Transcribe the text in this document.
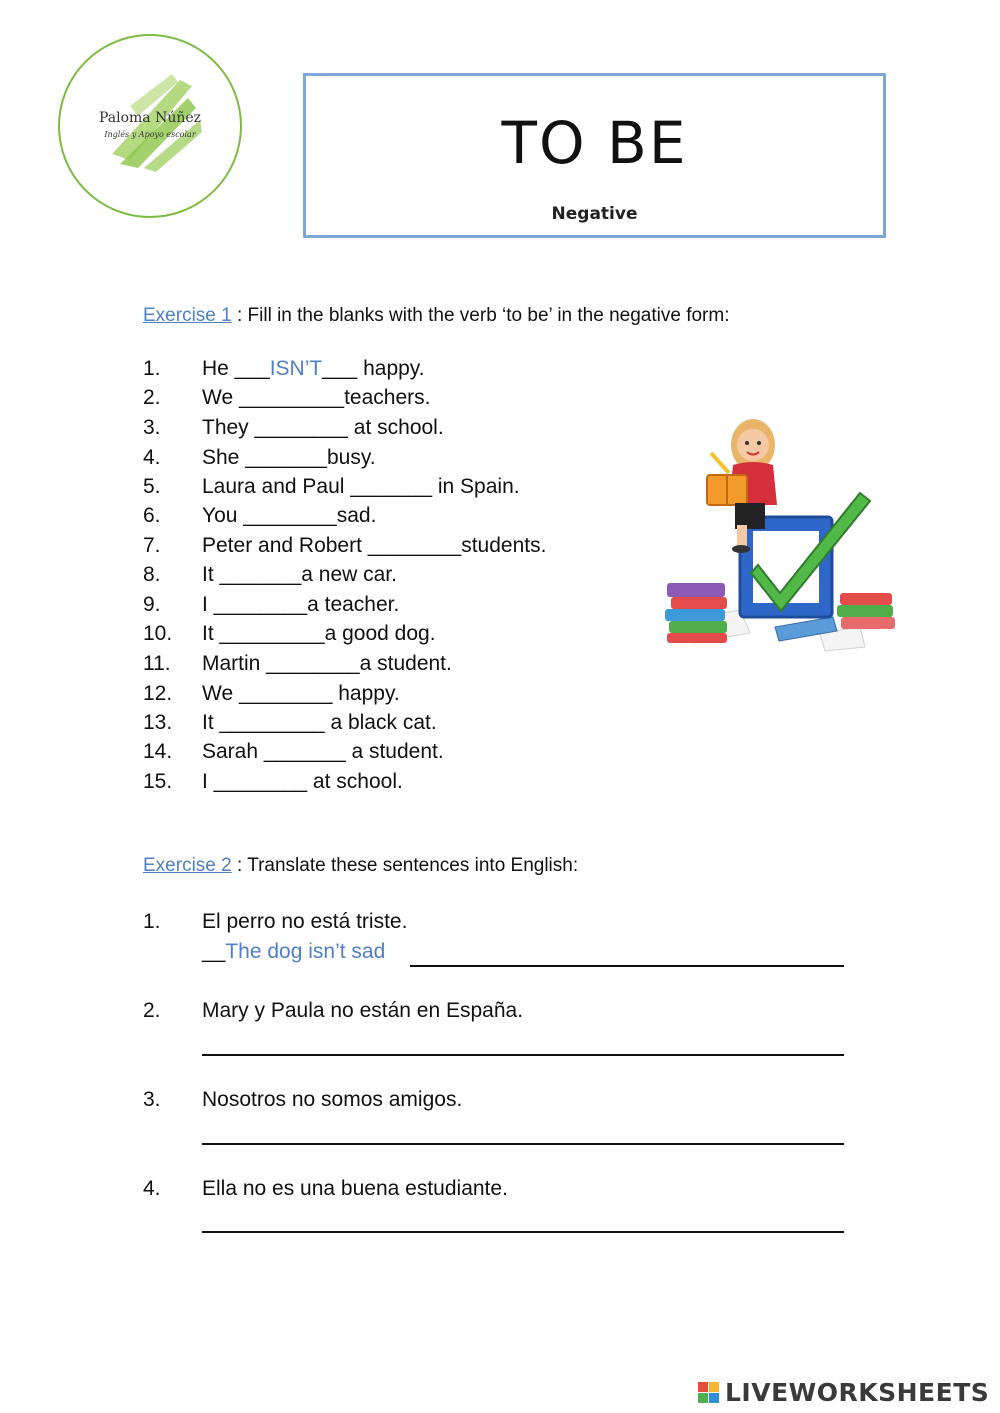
Paloma Núñez
Inglés y Apoyo escolar	TO BE
Negative
Exercise 1 : Fill in the blanks with the verb ‘to be’ in the negative form:
1. He ___ISN’T___ happy.
2. We _________teachers.
3. They ________ at school.
4. She _______busy.
5. Laura and Paul _______ in Spain.
6. You ________sad.
7. Peter and Robert ________students.
8. It _______a new car.
9. I ________a teacher.
10. It _________a good dog.
11. Martin ________a student.
12. We ________ happy.
13. It _________ a black cat.
14. Sarah _______ a student.
15. I ________ at school.
Exercise 2 : Translate these sentences into English:
1. El perro no está triste.
__The dog isn’t sad
2. Mary y Paula no están en España.
3. Nosotros no somos amigos.
4. Ella no es una buena estudiante.
LIVEWORKSHEETS
